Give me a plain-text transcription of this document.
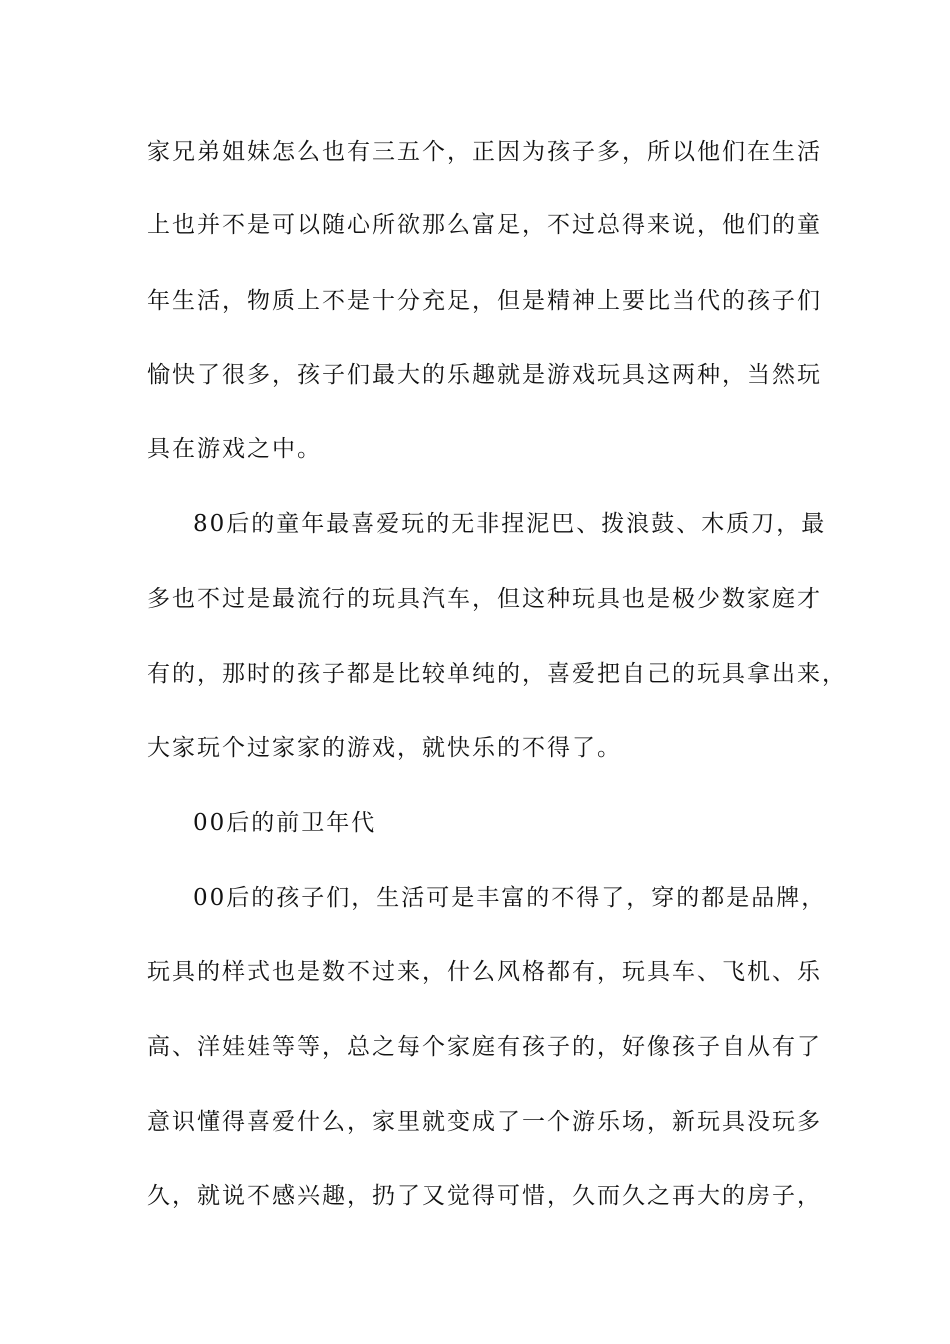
家兄弟姐妹怎么也有三五个，正因为孩子多，所以他们在生活
上也并不是可以随心所欲那么富足，不过总得来说，他们的童
年生活，物质上不是十分充足，但是精神上要比当代的孩子们
愉快了很多，孩子们最大的乐趣就是游戏玩具这两种，当然玩
具在游戏之中。
80后的童年最喜爱玩的无非捏泥巴、拨浪鼓、木质刀，最
多也不过是最流行的玩具汽车，但这种玩具也是极少数家庭才
有的，那时的孩子都是比较单纯的，喜爱把自己的玩具拿出来，
大家玩个过家家的游戏，就快乐的不得了。
00后的前卫年代
00后的孩子们，生活可是丰富的不得了，穿的都是品牌，
玩具的样式也是数不过来，什么风格都有，玩具车、飞机、乐
高、洋娃娃等等，总之每个家庭有孩子的，好像孩子自从有了
意识懂得喜爱什么，家里就变成了一个游乐场，新玩具没玩多
久，就说不感兴趣，扔了又觉得可惜，久而久之再大的房子，
